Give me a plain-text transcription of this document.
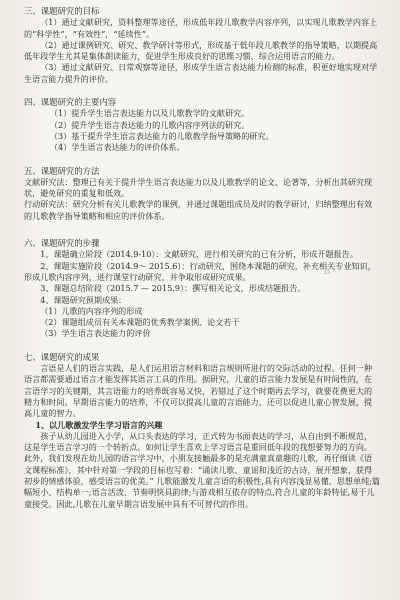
三、课题研究的目标

（1）通过文献研究，资料整理等途径，形成低年段儿歌教学内容序列，以实现儿歌教学内容上的“科学性”，“有效性”，“延续性”。

（2）通过课例研究、研究、教学研讨等形式，形成基于低年段儿歌教学的指导策略，以期提高低年段学生尤其是集体朗读能力，促进学生形成良好的思维习惯、综合运用语言的能力。

（3）通过文献研究、日常观察等途径，形成学生语言表达能力检测的标准，积更好地实现对学生语言能力提升的评价。

四、课题研究的主要内容

（1）提升学生语言表达能力以及儿歌教学的文献研究。

（2）提升学生语言表达能力的儿歌内容序列法的研究。

（3）基于提升学生语言表达能力的儿歌教学指导策略的研究。

（4）学生语言表达能力的评价体系。

五、课题研究的方法

文献研究法：整理已有关于提升学生语言表达能力以及儿歌教学的论文、论著等，分析出其研究现状，避免研究的重复和低效。

行动研究法：研究分析有关儿歌教学的课例，并通过课题组成员及时的教学研讨，归纳整理出有效的儿歌教学指导策略和相应的评价体系。

13

六、课题研究的步骤

1、课题确立阶段（2014.9-10）：文献研究，进行相关研究的已有分析，形成开题报告。

2、课题实施阶段（2014.9～ 2015.6）：行动研究，围绕本课题的研究，补充相关专业知识，形成儿歌内容序列，进行课堂行动研究，并争取形成研究成果。

3、课题总结阶段（2015.7 — 2015.9）：撰写相关论文，形成结题报告。

4、课题研究预期成果：

（1）儿歌的内容序列的形成

（2）课题组成员有关本课题的优秀教学案例、论文若干

（3）学生语言表达能力的评价

七、课题研究的成果

言语是人们的语言实践，是人们运用语言材料和语言规则所进行的交际活动的过程。任何一种语言都需要通过语言才能发挥其语言工具的作用。据研究，儿童的语言能力发展是有时间性的，在言语学习的关键期，其言语能力的培养既容易又快，若错过了这个时期再去学习，就要花费更大的精力和时间。早期语言能力的培养，不仅可以提高儿童的言语能力，还可以促进儿童心智发展，提高儿童的智力。

1、以儿歌激发学生学习语言的兴趣

孩子从幼儿园进入小学，从口头表达的学习，正式转为书面表达的学习，从自由到不断规范，这是学生语言学习的一个转折点。如何让学生喜欢上学习语言是重回低年段的我想要努力的方向。此外，我们发现在幼儿园的语言学习中，小朋友接触最多的是充满童真童趣的儿歌，再仔细读《语文课程标准》，其中针对第一学段的目标也写着：“诵读儿歌、童谣和浅近的古诗，展开想象，获得初步的情感体验，感受语言的优美。” 儿歌能激发儿童言语的积极性,具有内容浅显易懂、思想单纯;篇幅短小、结构单一;语言活泼、节奏明快具韵律;与游戏相互依存的特点,符合儿童的年龄特征,易于儿童接受。因此,儿歌在儿童早期言语发展中具有不可替代的作用。
